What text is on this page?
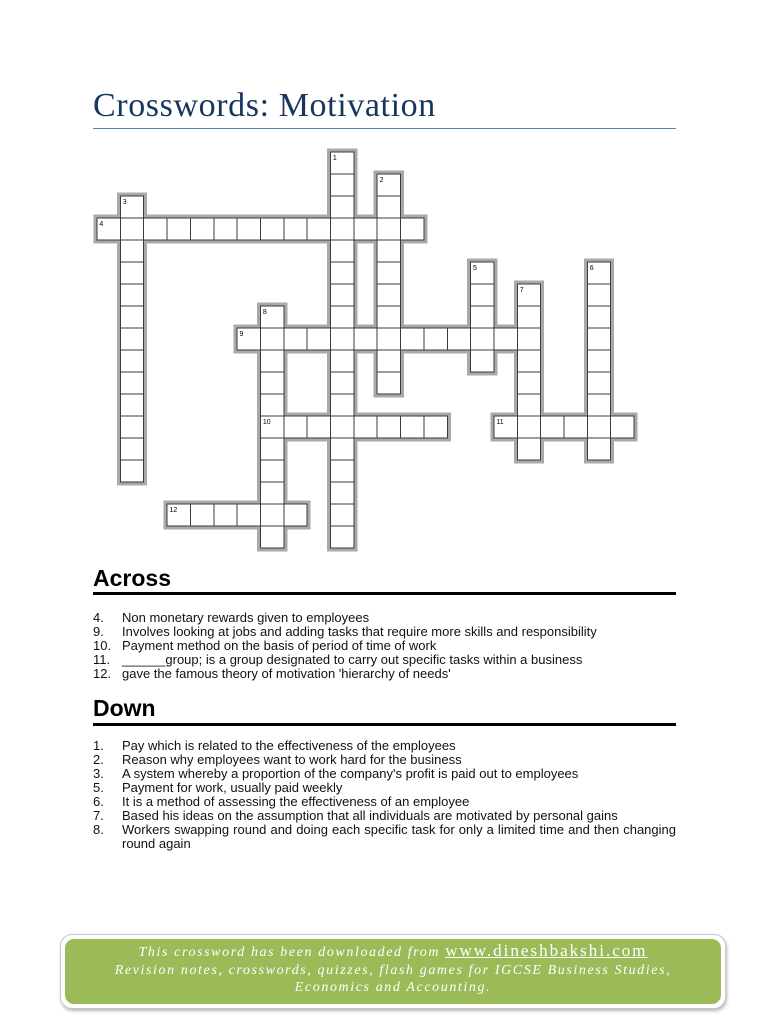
Crosswords: Motivation
1
2
3
4
5	6
7
8
9
10	11
12
Across
4.	Non monetary rewards given to employees
9.	Involves looking at jobs and adding tasks that require more skills and responsibility
10. Payment method on the basis of period of time of work
11. ______group; is a group designated to carry out specific tasks within a business
12. gave the famous theory of motivation 'hierarchy of needs'
Down
1.	Pay which is related to the effectiveness of the employees
2.	Reason why employees want to work hard for the business
3.	A system whereby a proportion of the company's profit is paid out to employees
5.	Payment for work, usually paid weekly
6.	It is a method of assessing the effectiveness of an employee
7.	Based his ideas on the assumption that all individuals are motivated by personal gains
8.	Workers swapping round and doing each specific task for only a limited time and then changing round again
This crossword has been downloaded from www.dineshbakshi.com
Revision notes, crosswords, quizzes, flash games for IGCSE Business Studies,
Economics and Accounting.
